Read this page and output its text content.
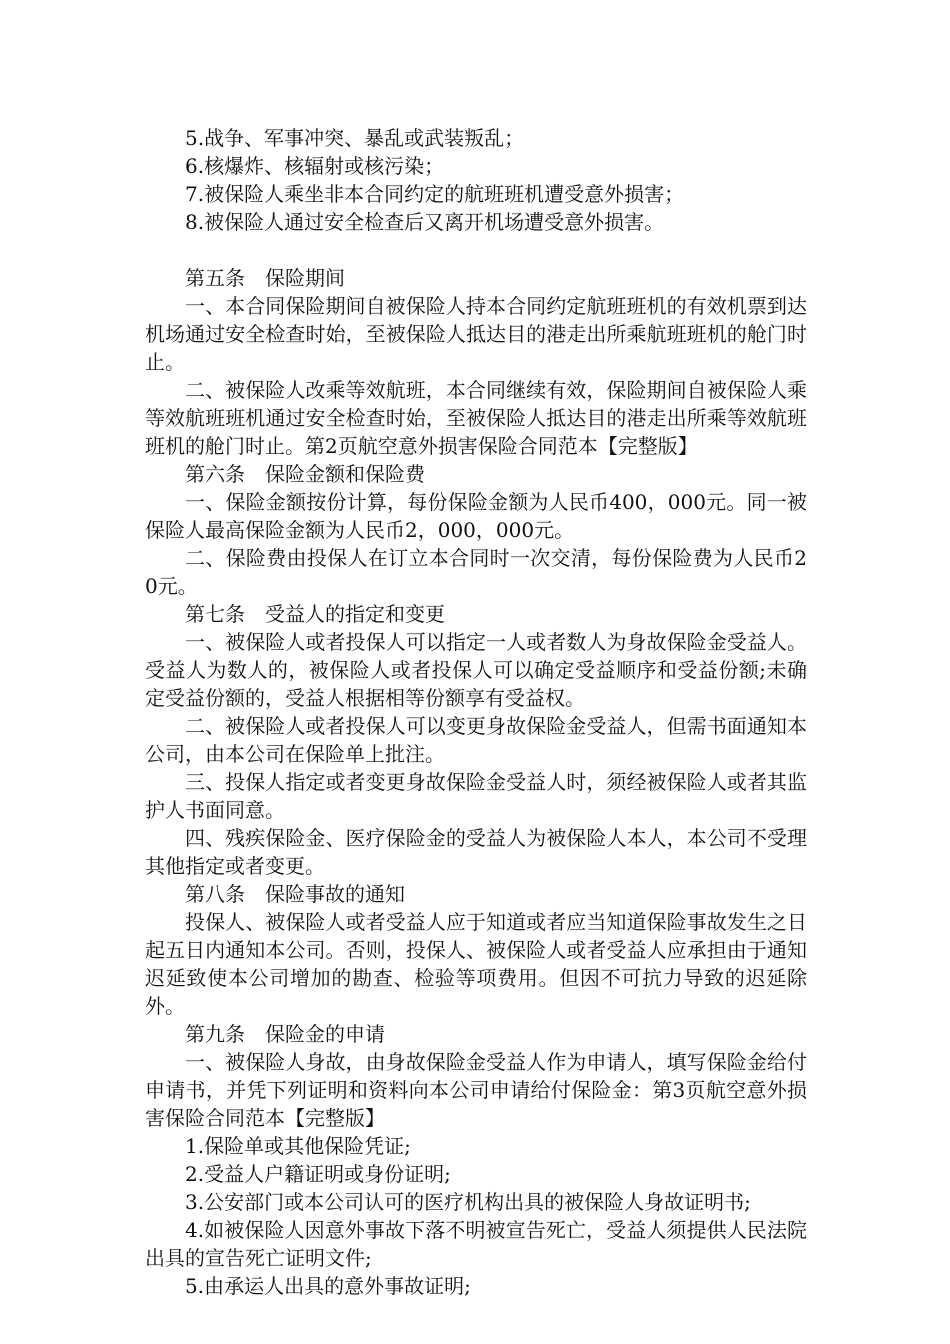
5.战争、军事冲突、暴乱或武装叛乱；

6.核爆炸、核辐射或核污染；

7.被保险人乘坐非本合同约定的航班班机遭受意外损害；

8.被保险人通过安全检查后又离开机场遭受意外损害。

第五条　保险期间

一、本合同保险期间自被保险人持本合同约定航班班机的有效机票到达机场通过安全检查时始，至被保险人抵达目的港走出所乘航班班机的舱门时止。

二、被保险人改乘等效航班，本合同继续有效，保险期间自被保险人乘等效航班班机通过安全检查时始，至被保险人抵达目的港走出所乘等效航班班机的舱门时止。第2页航空意外损害保险合同范本【完整版】

第六条　保险金额和保险费

一、保险金额按份计算，每份保险金额为人民币400，000元。同一被保险人最高保险金额为人民币2，000，000元。

二、保险费由投保人在订立本合同时一次交清，每份保险费为人民币20元。

第七条　受益人的指定和变更

一、被保险人或者投保人可以指定一人或者数人为身故保险金受益人。受益人为数人的，被保险人或者投保人可以确定受益顺序和受益份额;未确定受益份额的，受益人根据相等份额享有受益权。

二、被保险人或者投保人可以变更身故保险金受益人，但需书面通知本公司，由本公司在保险单上批注。

三、投保人指定或者变更身故保险金受益人时，须经被保险人或者其监护人书面同意。

四、残疾保险金、医疗保险金的受益人为被保险人本人，本公司不受理其他指定或者变更。

第八条　保险事故的通知

投保人、被保险人或者受益人应于知道或者应当知道保险事故发生之日起五日内通知本公司。否则，投保人、被保险人或者受益人应承担由于通知迟延致使本公司增加的勘查、检验等项费用。但因不可抗力导致的迟延除外。

第九条　保险金的申请

一、被保险人身故，由身故保险金受益人作为申请人，填写保险金给付申请书，并凭下列证明和资料向本公司申请给付保险金：第3页航空意外损害保险合同范本【完整版】

1.保险单或其他保险凭证;

2.受益人户籍证明或身份证明;

3.公安部门或本公司认可的医疗机构出具的被保险人身故证明书;

4.如被保险人因意外事故下落不明被宣告死亡，受益人须提供人民法院出具的宣告死亡证明文件;

5.由承运人出具的意外事故证明;
